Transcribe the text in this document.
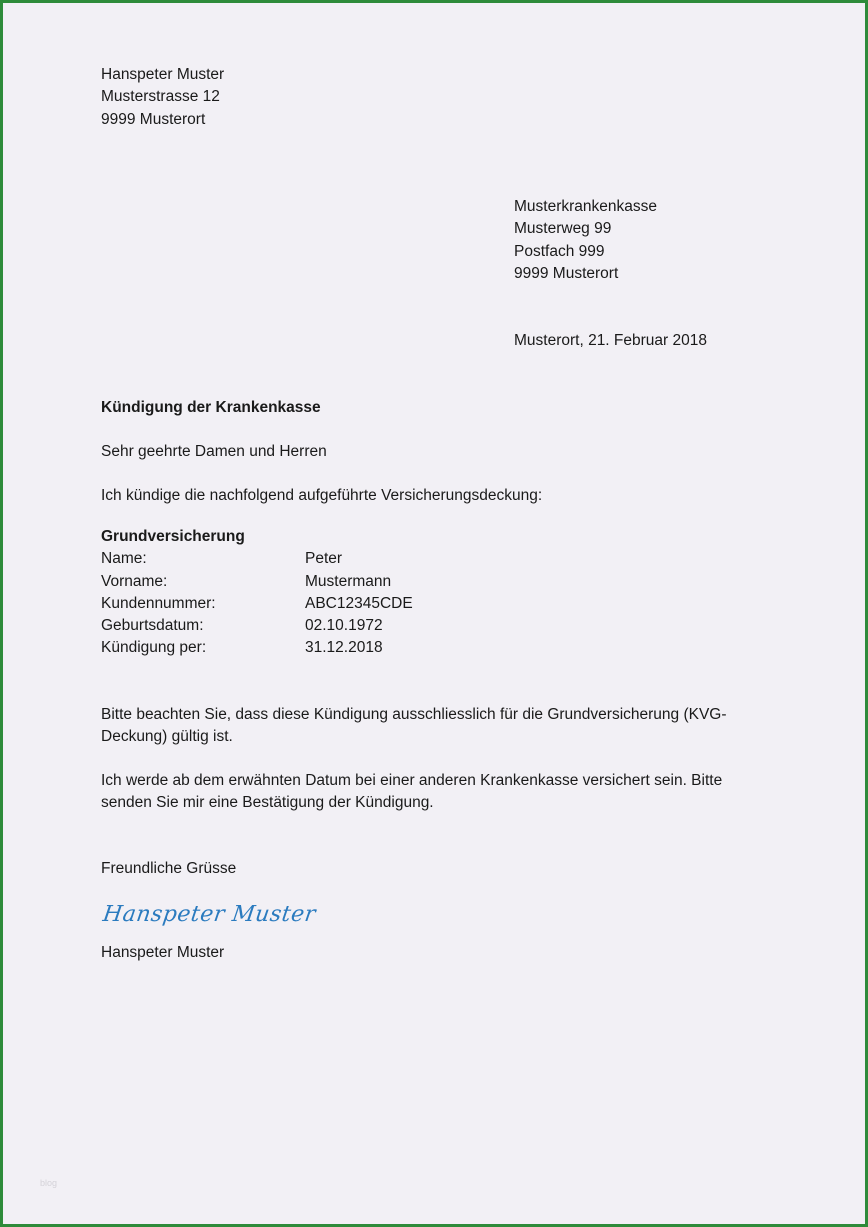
Hanspeter Muster
Musterstrasse 12
9999 Musterort
Musterkrankenkasse
Musterweg 99
Postfach 999
9999 Musterort
Musterort, 21. Februar 2018
Kündigung der Krankenkasse
Sehr geehrte Damen und Herren
Ich kündige die nachfolgend aufgeführte Versicherungsdeckung:
Grundversicherung
Name:	Peter
Vorname:	Mustermann
Kundennummer:	ABC12345CDE
Geburtsdatum:	02.10.1972
Kündigung per:	31.12.2018
Bitte beachten Sie, dass diese Kündigung ausschliesslich für die Grundversicherung (KVG-
Deckung) gültig ist.
Ich werde ab dem erwähnten Datum bei einer anderen Krankenkasse versichert sein. Bitte
senden Sie mir eine Bestätigung der Kündigung.
Freundliche Grüsse
Hanspeter Muster
Hanspeter Muster
blog
